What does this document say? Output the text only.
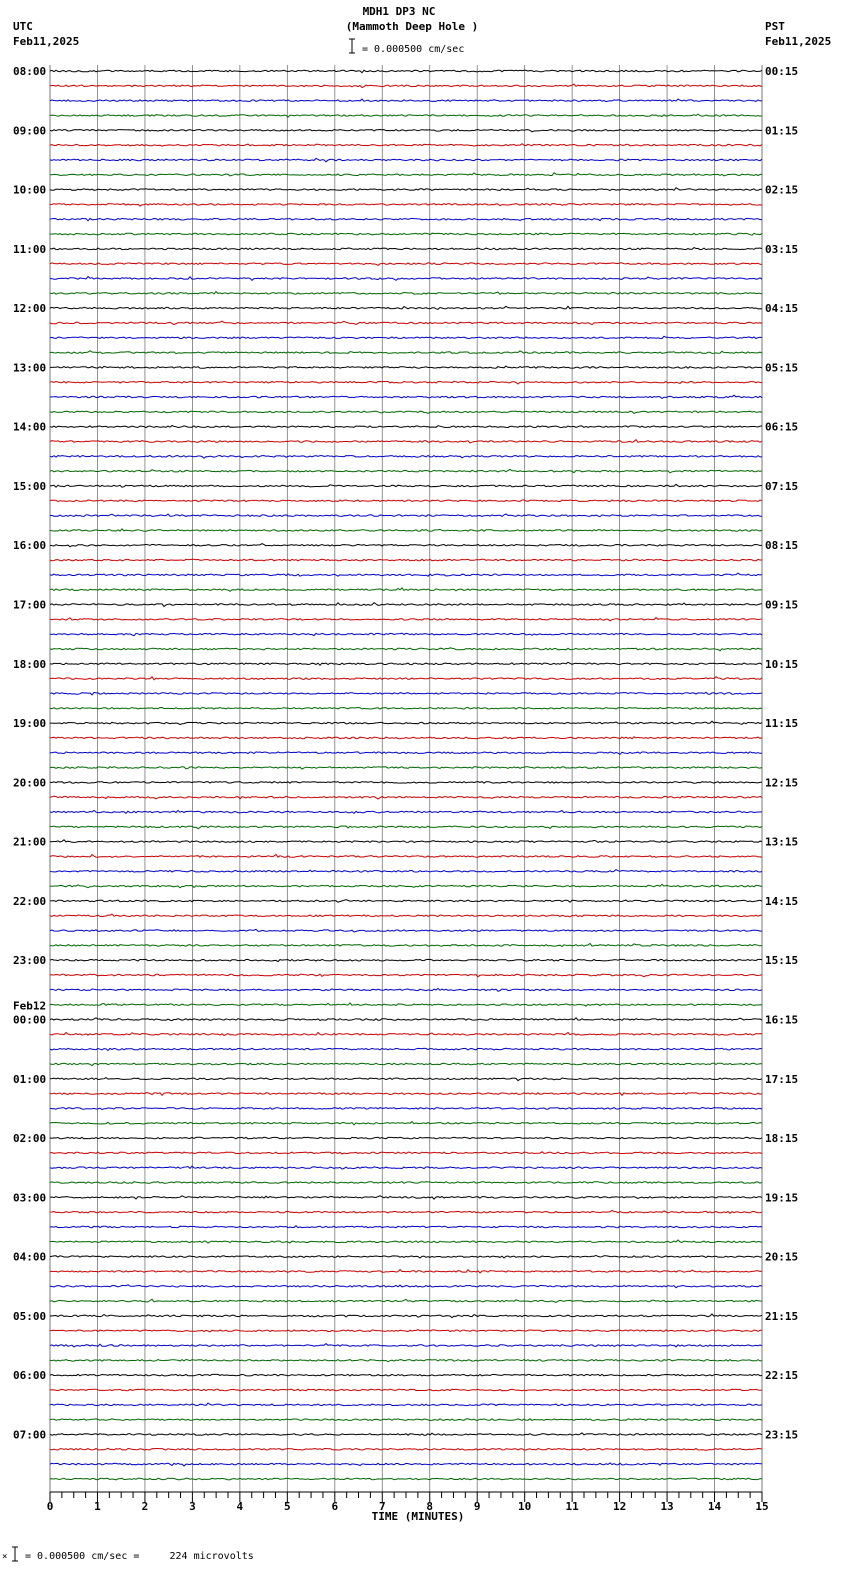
MDH1 DP3 NC
(Mammoth Deep Hole )
UTC
Feb11,2025
PST
Feb11,2025
= 0.000500 cm/sec
08:00
09:00
10:00
11:00
12:00
13:00
14:00
15:00
16:00
17:00
18:00
19:00
20:00
21:00
22:00
23:00
00:00
Feb12
01:00
02:00
03:00
04:00
05:00
06:00
07:00
00:15
01:15
02:15
03:15
04:15
05:15
06:15
07:15
08:15
09:15
10:15
11:15
12:15
13:15
14:15
15:15
16:15
17:15
18:15
19:15
20:15
21:15
22:15
23:15
0	1	2	3	4	5	6	7	8	9	10	11	12	13	14	15
TIME (MINUTES)
× = 0.000500 cm/sec =     224 microvolts
